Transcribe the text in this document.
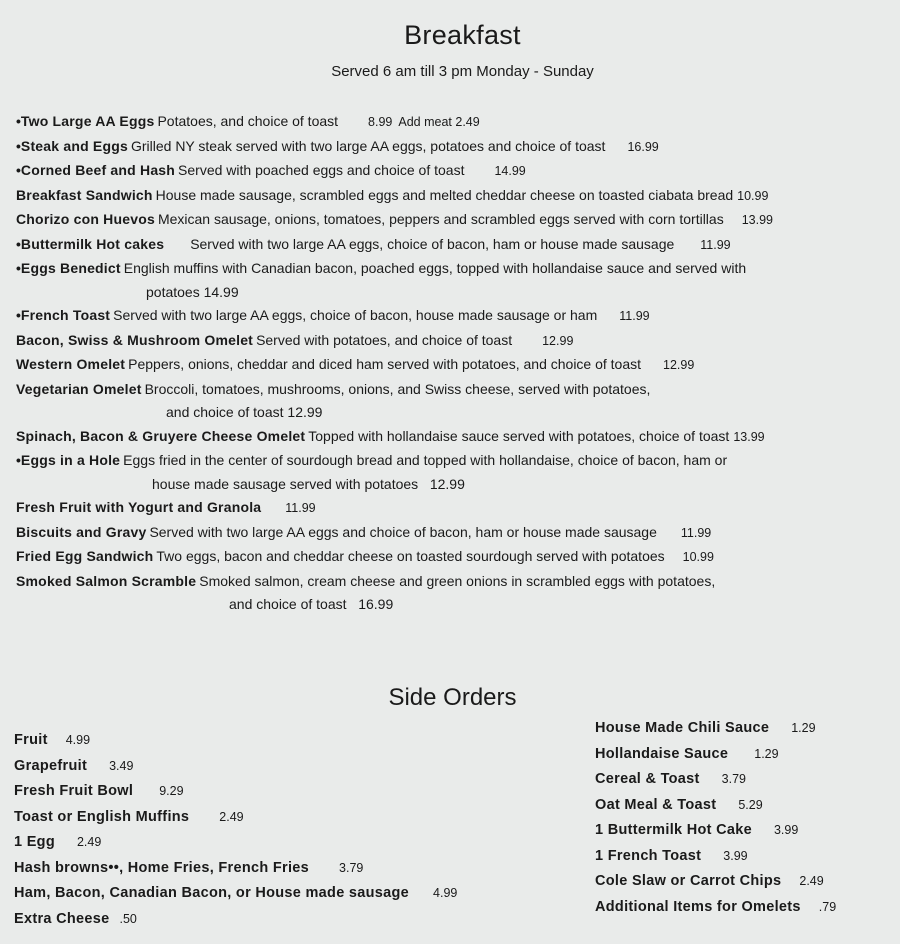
Breakfast
Served 6 am till 3 pm Monday - Sunday
•Two Large AA Eggs Potatoes, and choice of toast 8.99 Add meat 2.49
•Steak and Eggs Grilled NY steak served with two large AA eggs, potatoes and choice of toast 16.99
•Corned Beef and Hash Served with poached eggs and choice of toast 14.99
Breakfast Sandwich House made sausage, scrambled eggs and melted cheddar cheese on toasted ciabata bread 10.99
Chorizo con Huevos Mexican sausage, onions, tomatoes, peppers and scrambled eggs served with corn tortillas 13.99
•Buttermilk Hot cakes Served with two large AA eggs, choice of bacon, ham or house made sausage 11.99
•Eggs Benedict English muffins with Canadian bacon, poached eggs, topped with hollandaise sauce and served with
potatoes 14.99
•French Toast Served with two large AA eggs, choice of bacon, house made sausage or ham 11.99
Bacon, Swiss & Mushroom Omelet Served with potatoes, and choice of toast 12.99
Western Omelet Peppers, onions, cheddar and diced ham served with potatoes, and choice of toast 12.99
Vegetarian Omelet Broccoli, tomatoes, mushrooms, onions, and Swiss cheese, served with potatoes,
and choice of toast 12.99
Spinach, Bacon & Gruyere Cheese Omelet Topped with hollandaise sauce served with potatoes, choice of toast 13.99
•Eggs in a Hole Eggs fried in the center of sourdough bread and topped with hollandaise, choice of bacon, ham or
house made sausage served with potatoes   12.99
Fresh Fruit with Yogurt and Granola 11.99
Biscuits and Gravy Served with two large AA eggs and choice of bacon, ham or house made sausage 11.99
Fried Egg Sandwich Two eggs, bacon and cheddar cheese on toasted sourdough served with potatoes 10.99
Smoked Salmon Scramble Smoked salmon, cream cheese and green onions in scrambled eggs with potatoes,
and choice of toast   16.99
Side Orders
Fruit 4.99
Grapefruit 3.49
Fresh Fruit Bowl 9.29
Toast or English Muffins 2.49
1 Egg 2.49
Hash browns••, Home Fries, French Fries 3.79
Ham, Bacon, Canadian Bacon, or House made sausage 4.99
Extra Cheese .50
House Made Chili Sauce 1.29
Hollandaise Sauce 1.29
Cereal & Toast 3.79
Oat Meal & Toast 5.29
1 Buttermilk Hot Cake 3.99
1 French Toast 3.99
Cole Slaw or Carrot Chips 2.49
Additional Items for Omelets .79
